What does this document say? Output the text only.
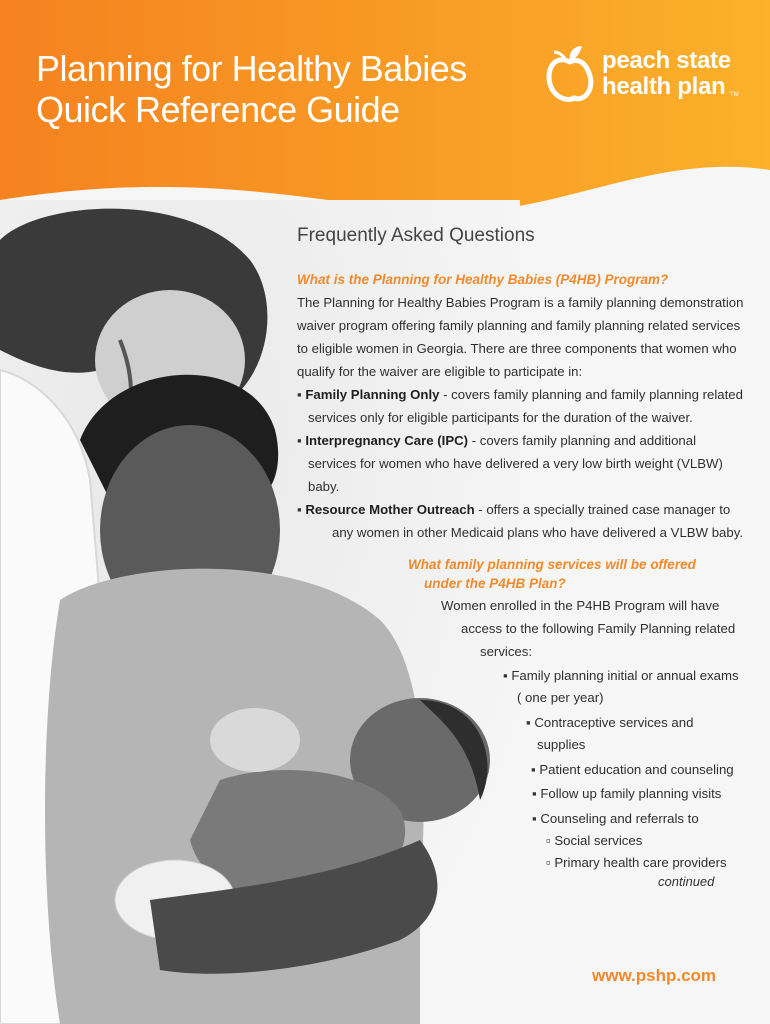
Planning for Healthy Babies
Quick Reference Guide
peach state
health plan TM
Frequently Asked Questions

What is the Planning for Healthy Babies (P4HB) Program?

The Planning for Healthy Babies Program is a family planning demonstration

waiver program offering family planning and family planning related services

to eligible women in Georgia. There are three components that women who

qualify for the waiver are eligible to participate in:

▪ Family Planning Only - covers family planning and family planning related

services only for eligible participants for the duration of the waiver.

▪ Interpregnancy Care (IPC) - covers family planning and additional

services for women who have delivered a very low birth weight (VLBW)

baby.

▪ Resource Mother Outreach - offers a specially trained case manager to

any women in other Medicaid plans who have delivered a VLBW baby.

What family planning services will be offered

under the P4HB Plan?

Women enrolled in the P4HB Program will have

access to the following Family Planning related

services:

▪ Family planning initial or annual exams

( one per year)

▪ Contraceptive services and

supplies

▪ Patient education and counseling

▪ Follow up family planning visits

▪ Counseling and referrals to

▫ Social services

▫ Primary health care providers

continued
www.pshp.com
